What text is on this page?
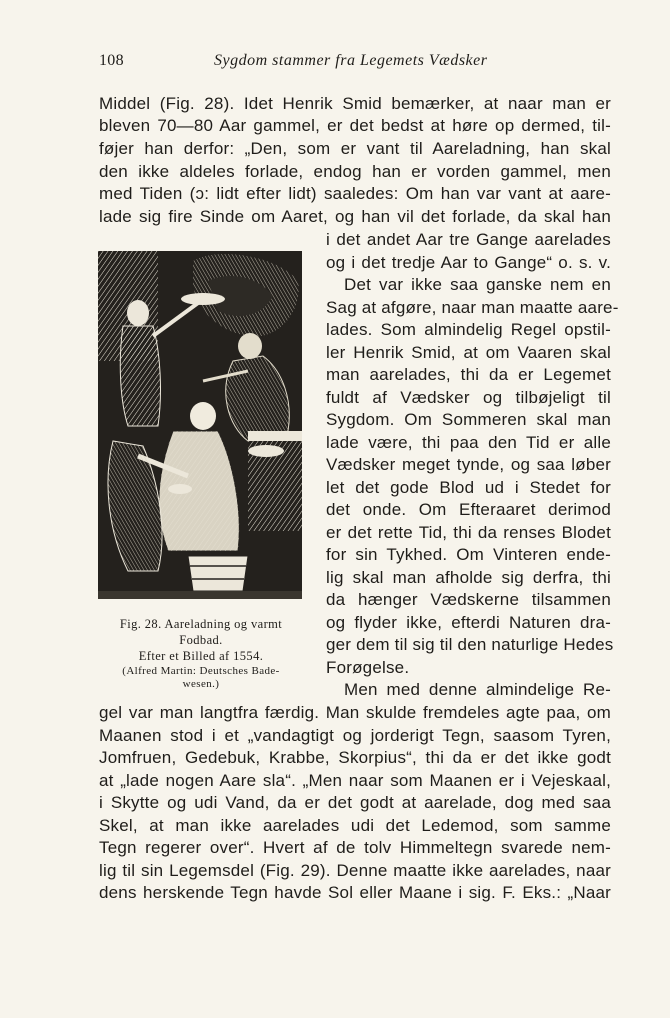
108	Sygdom stammer fra Legemets Vædsker
Middel (Fig. 28). Idet Henrik Smid bemærker, at naar man er
bleven 70—80 Aar gammel, er det bedst at høre op dermed, til-
føjer han derfor: „Den, som er vant til Aareladning, han skal
den ikke aldeles forlade, endog han er vorden gammel, men
med Tiden (ɔ: lidt efter lidt) saaledes: Om han var vant at aare-
lade sig fire Sinde om Aaret, og han vil det forlade, da skal han
Fig. 28. Aareladning og varmt
Fodbad.
Efter et Billed af 1554.
(Alfred Martin: Deutsches Bade-
wesen.)
i det andet Aar tre Gange aarelades
og i det tredje Aar to Gange“ o. s. v.
Det var ikke saa ganske nem en
Sag at afgøre, naar man maatte aare-
lades. Som almindelig Regel opstil-
ler Henrik Smid, at om Vaaren skal
man aarelades, thi da er Legemet
fuldt af Vædsker og tilbøjeligt til
Sygdom. Om Sommeren skal man
lade være, thi paa den Tid er alle
Vædsker meget tynde, og saa løber
let det gode Blod ud i Stedet for
det onde. Om Efteraaret derimod
er det rette Tid, thi da renses Blodet
for sin Tykhed. Om Vinteren ende-
lig skal man afholde sig derfra, thi
da hænger Vædskerne tilsammen
og flyder ikke, efterdi Naturen dra-
ger dem til sig til den naturlige Hedes
Forøgelse.
Men med denne almindelige Re-
gel var man langtfra færdig. Man skulde fremdeles agte paa, om
Maanen stod i et „vandagtigt og jorderigt Tegn, saasom Tyren,
Jomfruen, Gedebuk, Krabbe, Skorpius“, thi da er det ikke godt
at „lade nogen Aare sla“. „Men naar som Maanen er i Vejeskaal,
i Skytte og udi Vand, da er det godt at aarelade, dog med saa
Skel, at man ikke aarelades udi det Ledemod, som samme
Tegn regerer over“. Hvert af de tolv Himmeltegn svarede nem-
lig til sin Legemsdel (Fig. 29). Denne maatte ikke aarelades, naar
dens herskende Tegn havde Sol eller Maane i sig. F. Eks.: „Naar
